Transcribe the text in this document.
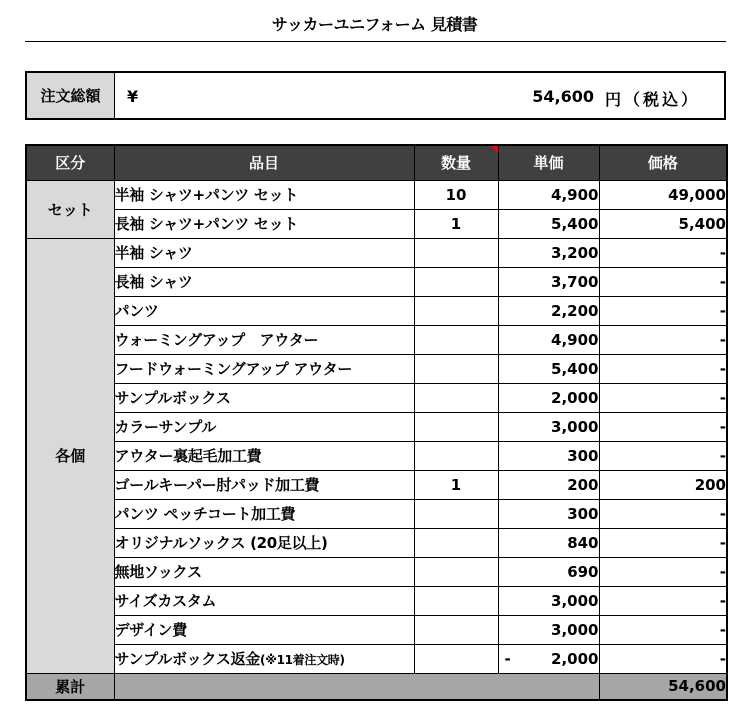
サッカーユニフォーム 見積書
注文総額	¥	54,600 円（税込）
区分	品目	数量	単価	価格
セット	半袖 シャツ+パンツ セット	10	4,900	49,000
	長袖 シャツ+パンツ セット	1	5,400	5,400
各個	半袖 シャツ		3,200	-
	長袖 シャツ		3,700	-
	パンツ		2,200	-
	ウォーミングアップ　アウター		4,900	-
	フードウォーミングアップ アウター		5,400	-
	サンプルボックス		2,000	-
	カラーサンプル		3,000	-
	アウター裏起毛加工費		300	-
	ゴールキーパー肘パッド加工費	1	200	200
	パンツ ペッチコート加工費		300	-
	オリジナルソックス (20足以上)		840	-
	無地ソックス		690	-
	サイズカスタム		3,000	-
	デザイン費		3,000	-
	サンプルボックス返金(※11着注文時)		- 2,000	-
累計				54,600
